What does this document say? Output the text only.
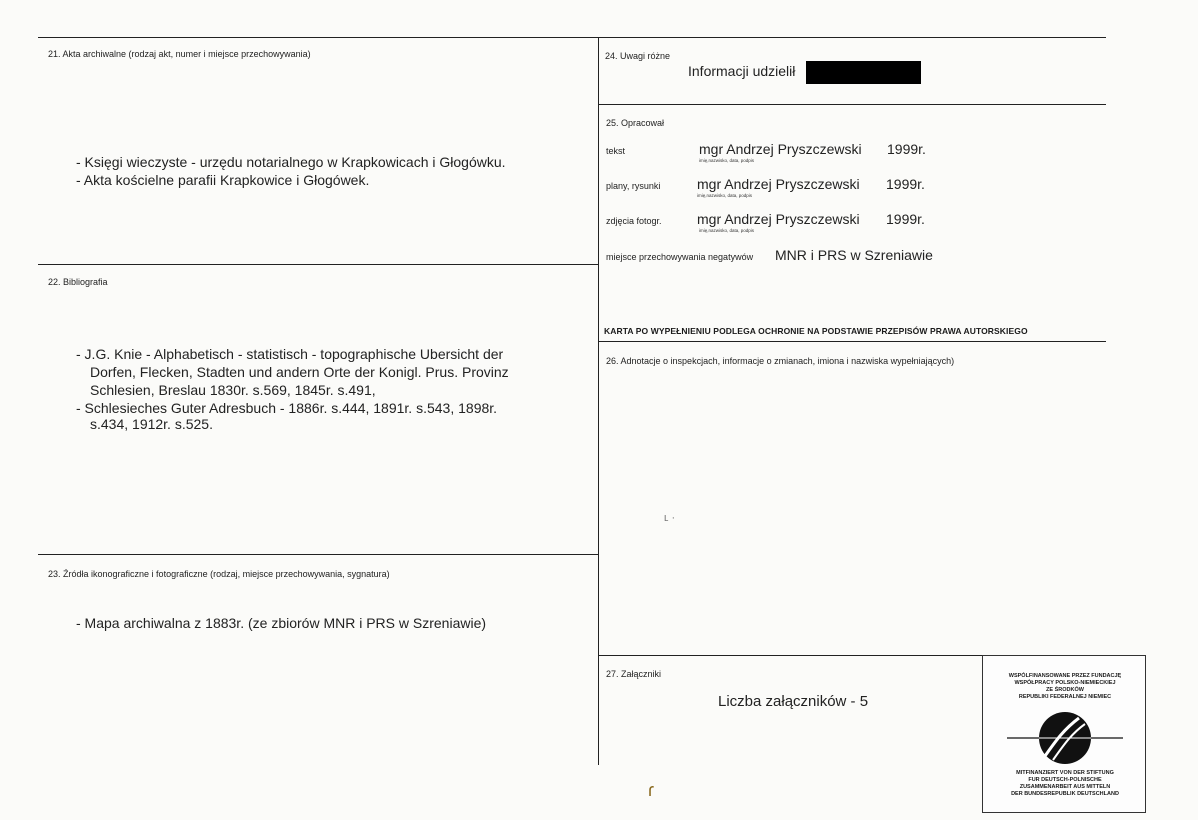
21. Akta archiwalne (rodzaj akt, numer i miejsce przechowywania)
- Księgi wieczyste - urzędu notarialnego w Krapkowicach i Głogówku.
- Akta kościelne parafii Krapkowice i Głogówek.
22. Bibliografia
- J.G. Knie - Alphabetisch - statistisch - topographische Ubersicht der
Dorfen, Flecken, Stadten und andern Orte der Konigl. Prus. Provinz
Schlesien, Breslau 1830r. s.569, 1845r. s.491,
- Schlesieches Guter Adresbuch - 1886r. s.444, 1891r. s.543, 1898r.
s.434, 1912r. s.525.
23. Źródła ikonograficzne i fotograficzne (rodzaj, miejsce przechowywania, sygnatura)
- Mapa archiwalna z 1883r. (ze zbiorów MNR i PRS w Szreniawie)
24. Uwagi różne
Informacji udzielił
25. Opracował
tekst	mgr Andrzej Pryszczewski 1999r.
imię,nazwisko, data, podpis
plany, rysunki	mgr Andrzej Pryszczewski 1999r.
imię,nazwisko, data, podpis
zdjęcia fotogr.	mgr Andrzej Pryszczewski 1999r.
imię,nazwisko, data, podpis
miejsce przechowywania negatywów MNR i PRS w Szreniawie
KARTA PO WYPEŁNIENIU PODLEGA OCHRONIE NA PODSTAWIE PRZEPISÓW PRAWA AUTORSKIEGO
26. Adnotacje o inspekcjach, informacje o zmianach, imiona i nazwiska wypełniających)
ʟ ·
27. Załączniki
Liczba załączników - 5
ɾ
WSPÓLFINANSOWANE PRZEZ FUNDACJĘ
WSPÓŁPRACY POLSKO-NIEMIECKIEJ
ZE ŚRODKÓW
REPUBLIKI FEDERALNEJ NIEMIEC
MITFINANZIERT VON DER STIFTUNG
FUR DEUTSCH-POLNISCHE
ZUSAMMENARBEIT AUS MITTELN
DER BUNDESREPUBLIK DEUTSCHLAND
